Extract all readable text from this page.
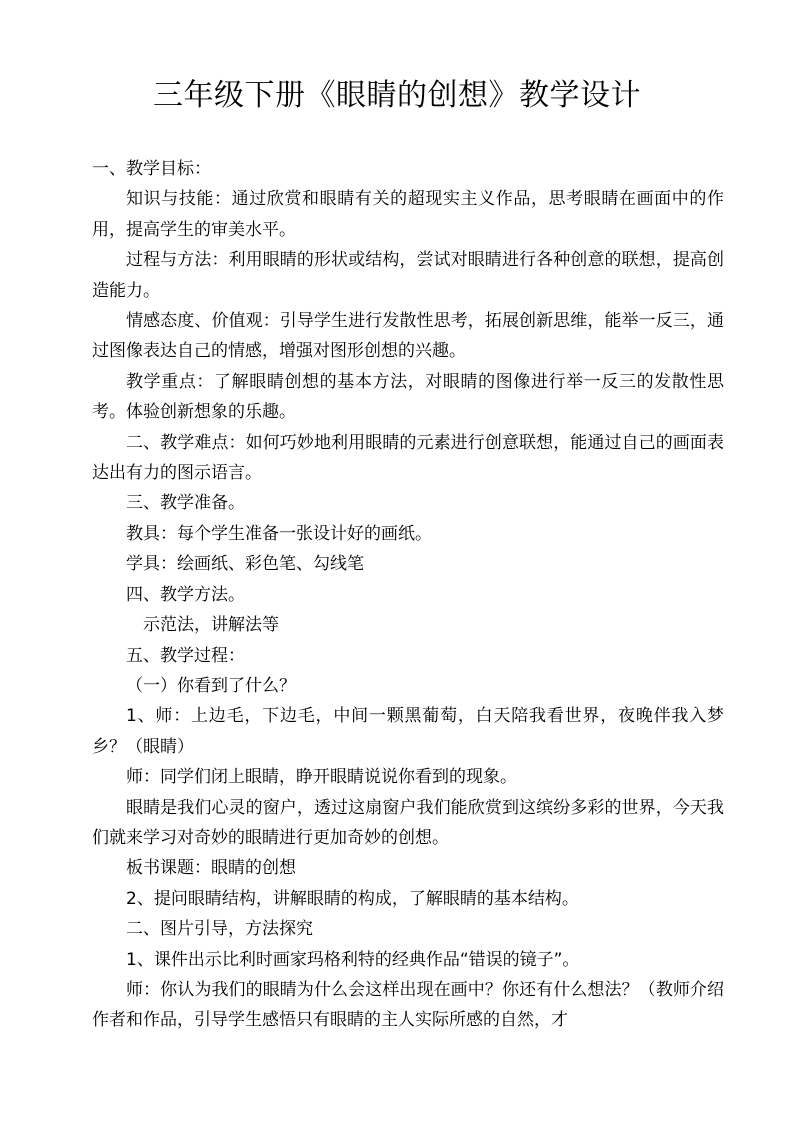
三年级下册《眼睛的创想》教学设计

一、教学目标：

知识与技能：通过欣赏和眼睛有关的超现实主义作品，思考眼睛在画面中的作用，提高学生的审美水平。

过程与方法：利用眼睛的形状或结构，尝试对眼睛进行各种创意的联想，提高创造能力。

情感态度、价值观：引导学生进行发散性思考，拓展创新思维，能举一反三，通过图像表达自己的情感，增强对图形创想的兴趣。

教学重点：了解眼睛创想的基本方法，对眼睛的图像进行举一反三的发散性思考。体验创新想象的乐趣。

二、教学难点：如何巧妙地利用眼睛的元素进行创意联想，能通过自己的画面表达出有力的图示语言。

三、教学准备。

教具：每个学生准备一张设计好的画纸。

学具：绘画纸、彩色笔、勾线笔

四、教学方法。

示范法，讲解法等

五、教学过程：

（一）你看到了什么？

1、师：上边毛，下边毛，中间一颗黑葡萄，白天陪我看世界，夜晚伴我入梦乡？（眼睛）

师：同学们闭上眼睛，睁开眼睛说说你看到的现象。

眼睛是我们心灵的窗户，透过这扇窗户我们能欣赏到这缤纷多彩的世界，今天我们就来学习对奇妙的眼睛进行更加奇妙的创想。

板书课题：眼睛的创想

2、提问眼睛结构，讲解眼睛的构成，了解眼睛的基本结构。

二、图片引导，方法探究

1、课件出示比利时画家玛格利特的经典作品“错误的镜子”。

师：你认为我们的眼睛为什么会这样出现在画中？你还有什么想法？（教师介绍作者和作品，引导学生感悟只有眼睛的主人实际所感的自然，才
